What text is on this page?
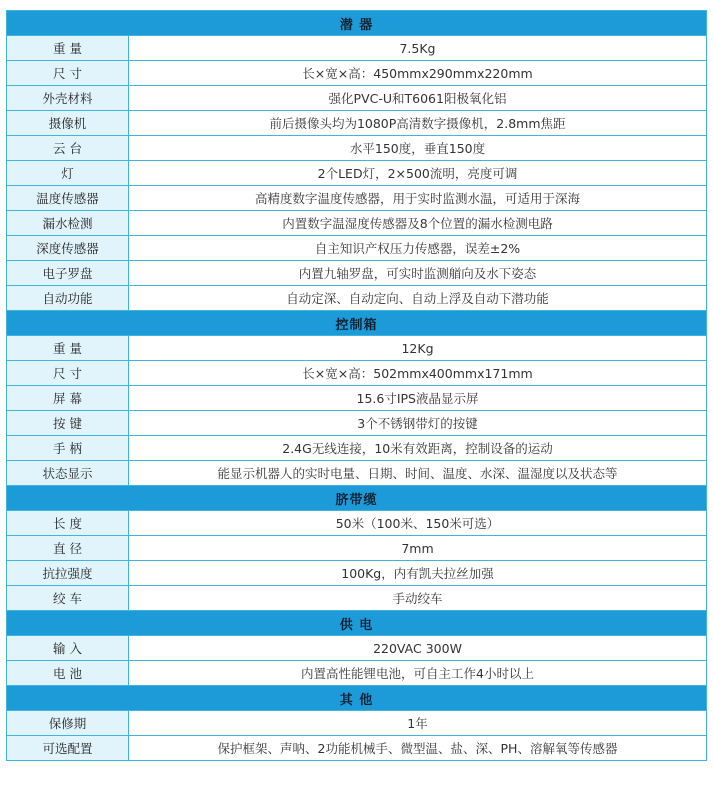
潜 器	
重 量	7.5Kg
尺 寸	长×宽×高：450mmx290mmx220mm
外壳材料	强化PVC-U和T6061阳极氧化铝
摄像机	前后摄像头均为1080P高清数字摄像机，2.8mm焦距
云 台	水平150度，垂直150度
灯	2个LED灯，2×500流明，亮度可调
温度传感器	高精度数字温度传感器，用于实时监测水温，可适用于深海
漏水检测	内置数字温湿度传感器及8个位置的漏水检测电路
深度传感器	自主知识产权压力传感器，误差±2%
电子罗盘	内置九轴罗盘，可实时监测艏向及水下姿态
自动功能	自动定深、自动定向、自动上浮及自动下潜功能
控制箱	
重 量	12Kg
尺 寸	长×宽×高：502mmx400mmx171mm
屏 幕	15.6寸IPS液晶显示屏
按 键	3个不锈钢带灯的按键
手 柄	2.4G无线连接，10米有效距离，控制设备的运动
状态显示	能显示机器人的实时电量、日期、时间、温度、水深、温湿度以及状态等
脐带缆	
长 度	50米（100米、150米可选）
直 径	7mm
抗拉强度	100Kg，内有凯夫拉丝加强
绞 车	手动绞车
供 电	
输 入	220VAC 300W
电 池	内置高性能锂电池，可自主工作4小时以上
其 他	
保修期	1年
可选配置	保护框架、声呐、2功能机械手、微型温、盐、深、PH、溶解氧等传感器
